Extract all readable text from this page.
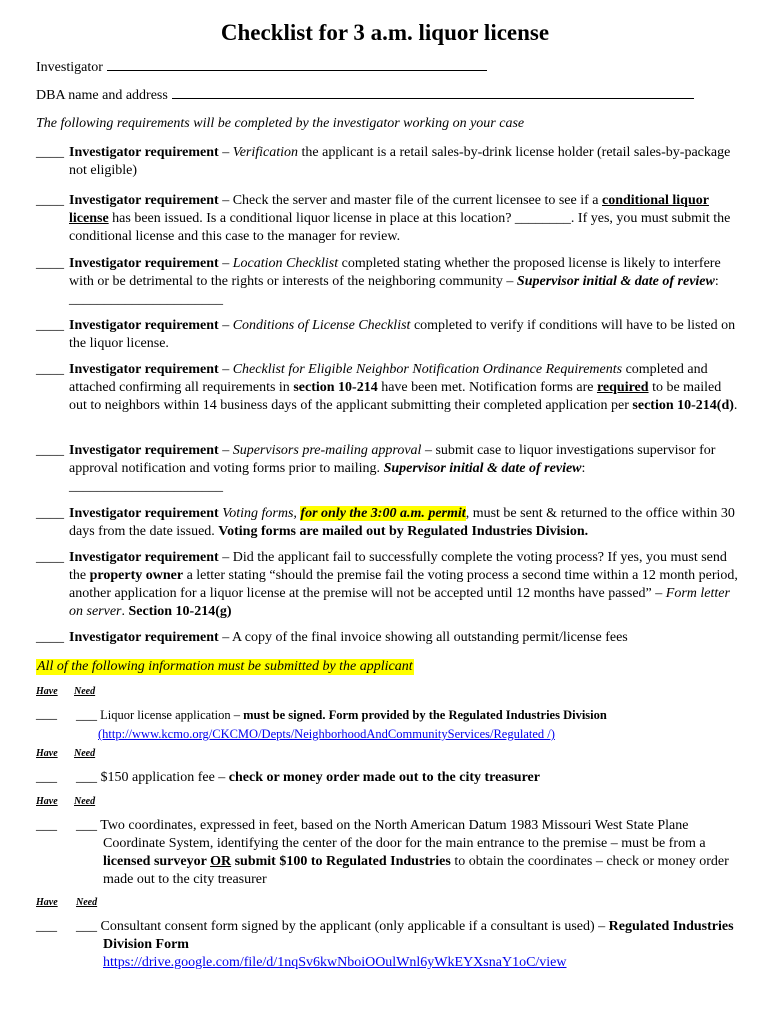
Checklist for 3 a.m. liquor license
Investigator
DBA name and address
The following requirements will be completed by the investigator working on your case
____ Investigator requirement – Verification the applicant is a retail sales-by-drink license holder (retail sales-by-package not eligible)
____ Investigator requirement – Check the server and master file of the current licensee to see if a conditional liquor license has been issued. Is a conditional liquor license in place at this location? ________. If yes, you must submit the conditional license and this case to the manager for review.
____ Investigator requirement – Location Checklist completed stating whether the proposed license is likely to interfere with or be detrimental to the rights or interests of the neighboring community – Supervisor initial & date of review: ______________________
____ Investigator requirement – Conditions of License Checklist completed to verify if conditions will have to be listed on the liquor license.
____ Investigator requirement – Checklist for Eligible Neighbor Notification Ordinance Requirements completed and attached confirming all requirements in section 10-214 have been met. Notification forms are required to be mailed out to neighbors within 14 business days of the applicant submitting their completed application per section 10-214(d).
____ Investigator requirement – Supervisors pre-mailing approval – submit case to liquor investigations supervisor for approval notification and voting forms prior to mailing. Supervisor initial & date of review:
______________________
____ Investigator requirement Voting forms, for only the 3:00 a.m. permit, must be sent & returned to the office within 30 days from the date issued. Voting forms are mailed out by Regulated Industries Division.
____ Investigator requirement – Did the applicant fail to successfully complete the voting process? If yes, you must send the property owner a letter stating “should the premise fail the voting process a second time within a 12 month period, another application for a liquor license at the premise will not be accepted until 12 months have passed” – Form letter on server. Section 10-214(g)
____ Investigator requirement – A copy of the final invoice showing all outstanding permit/license fees
All of the following information must be submitted by the applicant
Have Need
___ ___ Liquor license application – must be signed. Form provided by the Regulated Industries Division
(http://www.kcmo.org/CKCMO/Depts/NeighborhoodAndCommunityServices/Regulated /)
Have Need
___ ___ $150 application fee – check or money order made out to the city treasurer
Have Need
___ ___ Two coordinates, expressed in feet, based on the North American Datum 1983 Missouri West State Plane Coordinate System, identifying the center of the door for the main entrance to the premise – must be from a licensed surveyor OR submit $100 to Regulated Industries to obtain the coordinates – check or money order made out to the city treasurer
Have Need
___ ___ Consultant consent form signed by the applicant (only applicable if a consultant is used) – Regulated Industries Division Form
https://drive.google.com/file/d/1nqSv6kwNboiOOulWnl6yWkEYXsnaY1oC/view
